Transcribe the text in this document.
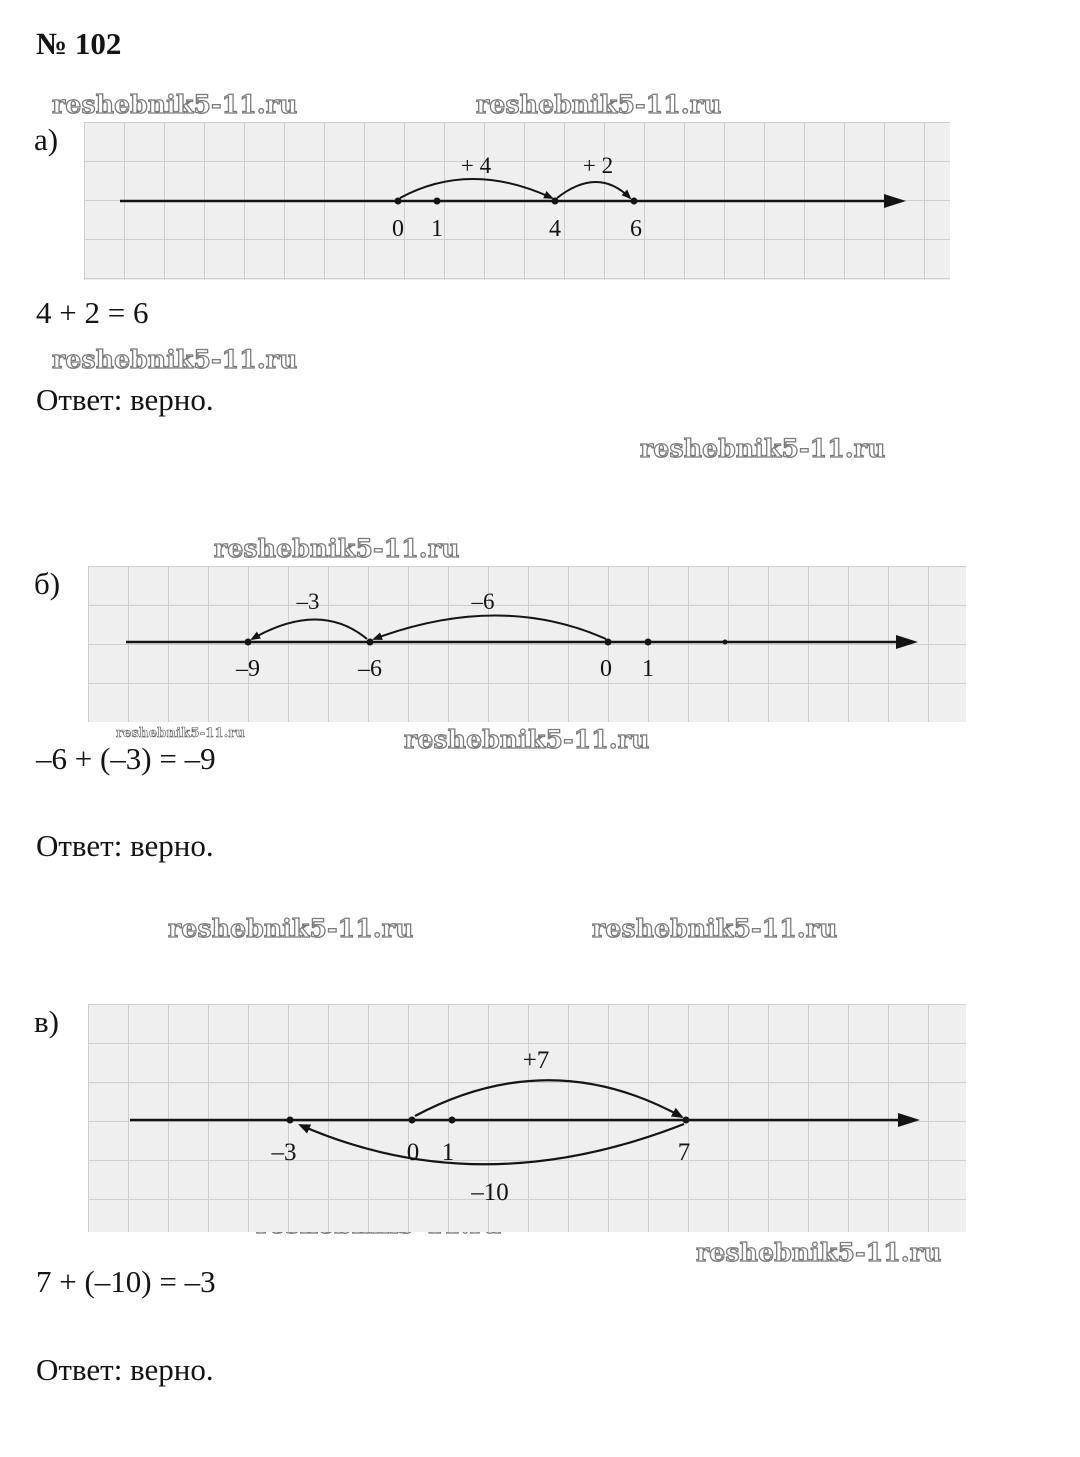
№ 102
reshebnik5-11.ru	reshebnik5-11.ru
reshebnik5-11.ru
reshebnik5-11.ru
reshebnik5-11.ru
reshebnik5-11.ru	reshebnik5-11.ru
reshebnik5-11.ru	reshebnik5-11.ru
reshebnik5-11.ru
а)
0 1	4	6
+ 4	+ 2
4 + 2 = 6
Ответ: верно.
б)
–9	–6	0 1
–3	–6
–6 + (–3) = –9
Ответ: верно.
в)
–3	0 1	7
+7
–10
7 + (–10) = –3
Ответ: верно.
